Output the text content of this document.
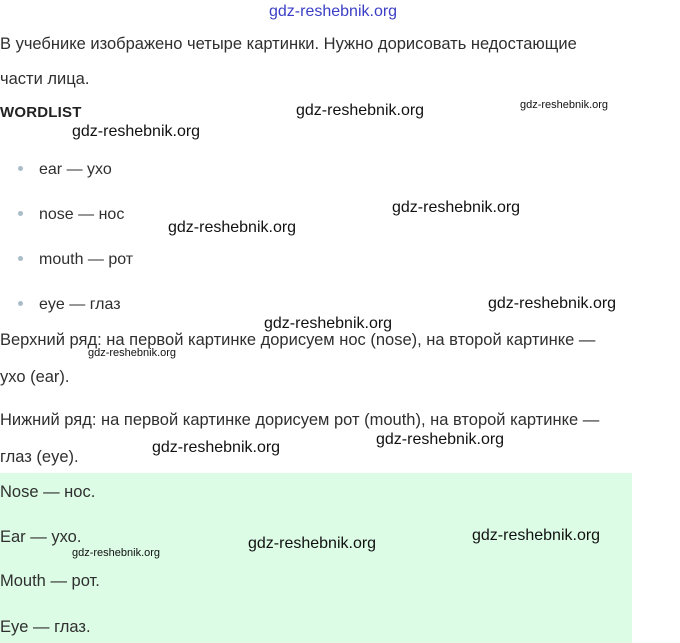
gdz-reshebnik.org
В учебнике изображено четыре картинки. Нужно дорисовать недостающие
части лица.
WORDLIST
ear — ухо
nose — нос
mouth — рот
eye — глаз
Верхний ряд: на первой картинке дорисуем нос (nose), на второй картинке —
ухо (ear).
Нижний ряд: на первой картинке дорисуем рот (mouth), на второй картинке —
глаз (eye).
Nose — нос.
Ear — ухо.
Mouth — рот.
Eye — глаз.
gdz-reshebnik.org	gdz-reshebnik.org
gdz-reshebnik.org
gdz-reshebnik.org
gdz-reshebnik.org
gdz-reshebnik.org
gdz-reshebnik.org
gdz-reshebnik.org
gdz-reshebnik.org
gdz-reshebnik.org
gdz-reshebnik.org
gdz-reshebnik.org
gdz-reshebnik.org
